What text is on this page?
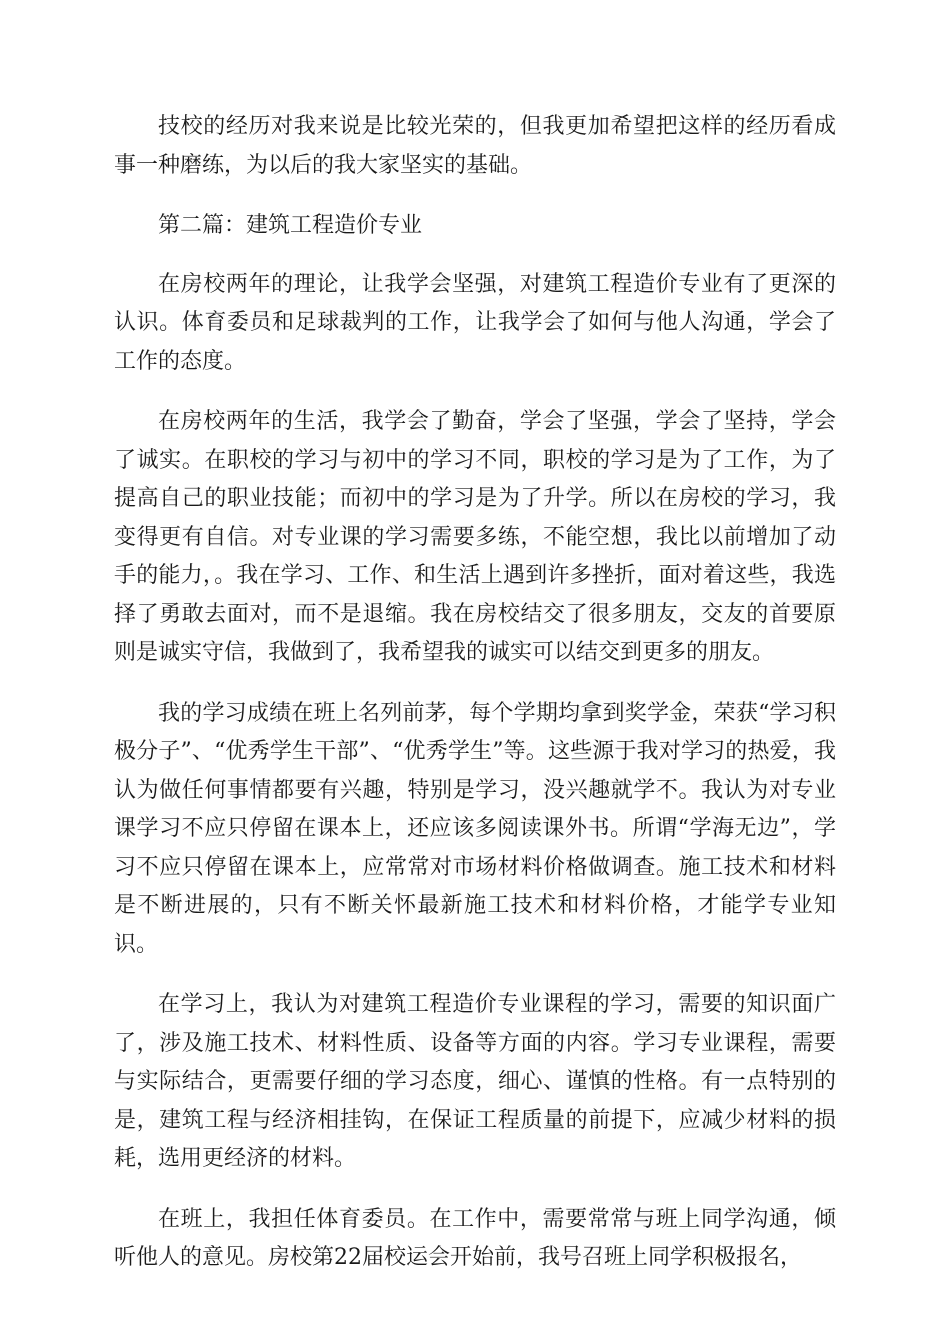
技校的经历对我来说是比较光荣的，但我更加希望把这样的经历看成事一种磨练，为以后的我大家坚实的基础。

第二篇：建筑工程造价专业

在房校两年的理论，让我学会坚强，对建筑工程造价专业有了更深的认识。体育委员和足球裁判的工作，让我学会了如何与他人沟通，学会了工作的态度。

在房校两年的生活，我学会了勤奋，学会了坚强，学会了坚持，学会了诚实。在职校的学习与初中的学习不同，职校的学习是为了工作，为了提高自己的职业技能；而初中的学习是为了升学。所以在房校的学习，我变得更有自信。对专业课的学习需要多练，不能空想，我比以前增加了动手的能力，。我在学习、工作、和生活上遇到许多挫折，面对着这些，我选择了勇敢去面对，而不是退缩。我在房校结交了很多朋友，交友的首要原则是诚实守信，我做到了，我希望我的诚实可以结交到更多的朋友。

我的学习成绩在班上名列前茅，每个学期均拿到奖学金，荣获“学习积极分子”、“优秀学生干部”、“优秀学生”等。这些源于我对学习的热爱，我认为做任何事情都要有兴趣，特别是学习，没兴趣就学不。我认为对专业课学习不应只停留在课本上，还应该多阅读课外书。所谓“学海无边”，学习不应只停留在课本上，应常常对市场材料价格做调查。施工技术和材料是不断进展的，只有不断关怀最新施工技术和材料价格，才能学专业知识。

在学习上，我认为对建筑工程造价专业课程的学习，需要的知识面广了，涉及施工技术、材料性质、设备等方面的内容。学习专业课程，需要与实际结合，更需要仔细的学习态度，细心、谨慎的性格。有一点特别的是，建筑工程与经济相挂钩，在保证工程质量的前提下，应减少材料的损耗，选用更经济的材料。

在班上，我担任体育委员。在工作中，需要常常与班上同学沟通，倾听他人的意见。房校第22届校运会开始前，我号召班上同学积极报名，
